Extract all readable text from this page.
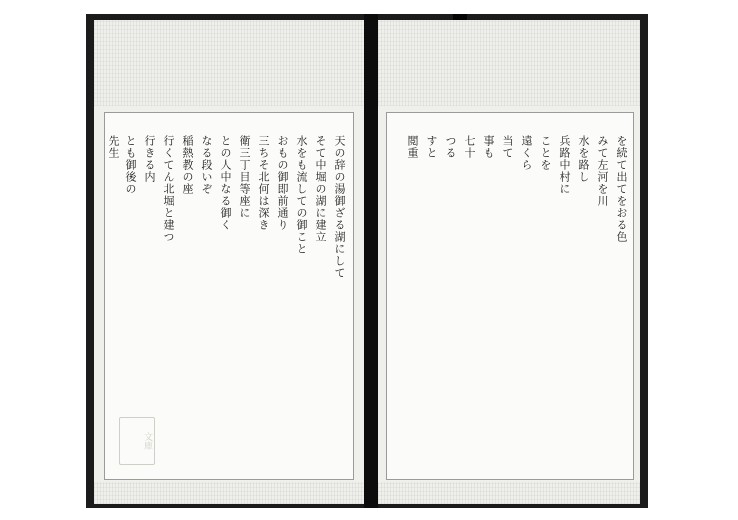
天の辞の湯御ざる湖にして
そて中堀の湖に建立
水をも流しての御こと
おもの御即前通り
三ちそ北何は深き
衛三丁目等座に
との人中なる御く
なる段いぞ
稲熱教の座
行くてん北堀と建つ
行きる内
とも御後の
先生
文庫
を続て出てをおる色
みて左河を川
水を路し
兵路中村に
ことを
遠くら
当て
事も
七十
つる
すと
閲重
